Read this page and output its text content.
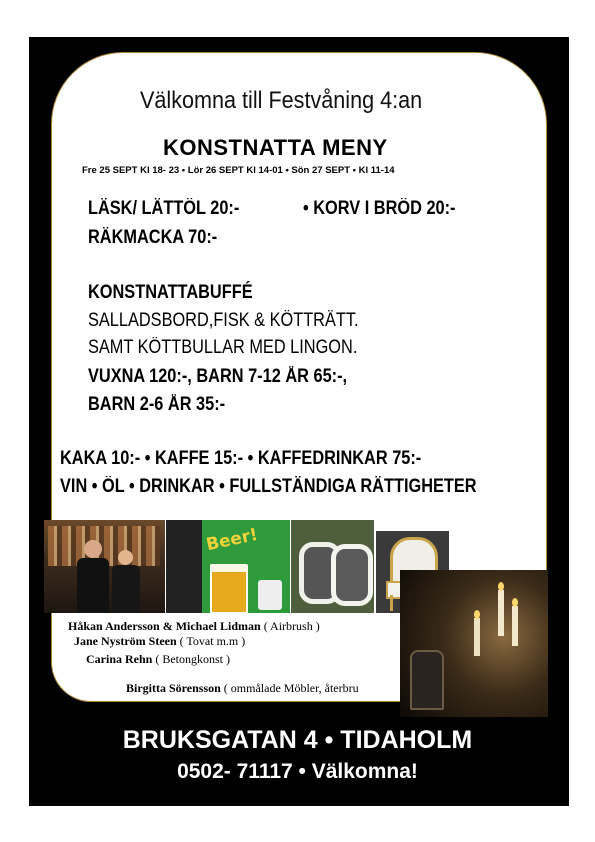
Välkomna till Festvåning 4:an
KONSTNATTA MENY
Fre 25 SEPT Kl 18- 23 • Lör 26 SEPT Kl 14-01 • Sön 27 SEPT • Kl 11-14
LÄSK/ LÄTTÖL 20:-	• KORV I BRÖD 20:-
RÄKMACKA 70:-
KONSTNATTABUFFÉ
SALLADSBORD,FISK & KÖTTRÄTT.
SAMT KÖTTBULLAR MED LINGON.
VUXNA 120:-, BARN 7-12 ÅR 65:-,
BARN 2-6 ÅR 35:-
KAKA 10:- • KAFFE 15:- • KAFFEDRINKAR 75:-
VIN • ÖL • DRINKAR • FULLSTÄNDIGA RÄTTIGHETER
Beer!
Håkan Andersson & Michael Lidman ( Airbrush )
Jane Nyström Steen ( Tovat m.m )
Carina Rehn ( Betongkonst )
Birgitta Sörensson ( ommålade Möbler, återbru
BRUKSGATAN 4 • TIDAHOLM
0502- 71117 • Välkomna!
